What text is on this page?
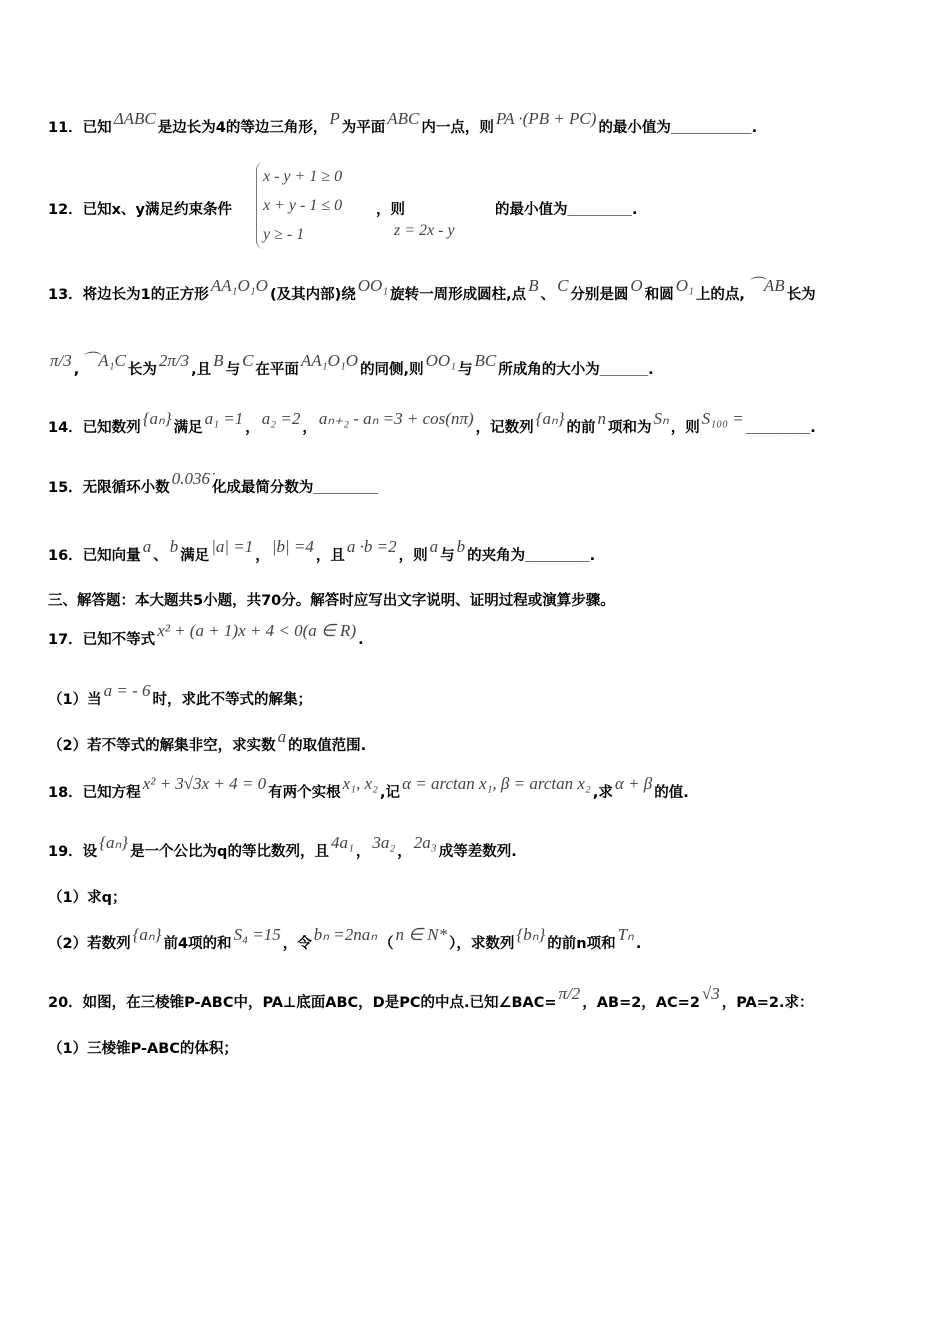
x - y + 1 ≥ 0
x + y - 1 ≤ 0
y ≥ - 1	z = 2x - y
11．已知 ΔABC 是边长为4的等边三角形， P 为平面 ABC 内一点，则 PA ·(PB + PC) 的最小值为__________.
12．已知x、y满足约束条件	，则	的最小值为________.
13．将边长为1的正方形 AA₁O₁O (及其内部)绕 OO₁ 旋转一周形成圆柱,点 B 、 C 分别是圆 O 和圆 O₁ 上的点, ⌒AB 长为
π/3 , ⌒A₁C 长为 2π/3 ,且 B 与 C 在平面 AA₁O₁O 的同侧,则 OO₁ 与 BC 所成角的大小为______.
14．已知数列 {aₙ} 满足 a₁ =1 ， a₂ =2 ， aₙ₊₂ - aₙ =3 + cos(nπ) ，记数列 {aₙ} 的前 n 项和为 Sₙ ，则 S₁₀₀ = ________.
15．无限循环小数 0.03̇6̇ 化成最简分数为________
16．已知向量 a 、 b 满足 |a| =1 ， |b| =4 ，且 a ·b =2 ，则 a 与 b 的夹角为________.
三、解答题：本大题共5小题，共70分。解答时应写出文字说明、证明过程或演算步骤。
17．已知不等式 x² + (a + 1)x + 4 < 0(a ∈ R) .
（1）当 a = - 6 时，求此不等式的解集；
（2）若不等式的解集非空，求实数 a 的取值范围.
18．已知方程 x² + 3√3x + 4 = 0 有两个实根 x₁, x₂ ,记 α = arctan x₁, β = arctan x₂ ,求 α + β 的值.
19．设 {aₙ} 是一个公比为q的等比数列，且 4a₁ ， 3a₂ ， 2a₃ 成等差数列.
（1）求q；
（2）若数列 {aₙ} 前4项的和 S₄ =15 ，令 bₙ =2naₙ （ n ∈ N* ），求数列 {bₙ} 的前n项和 Tₙ .
20．如图，在三棱锥P-ABC中，PA⊥底面ABC，D是PC的中点.已知∠BAC= π/2 ，AB=2，AC=2 √3 ，PA=2.求：
（1）三棱锥P-ABC的体积；
